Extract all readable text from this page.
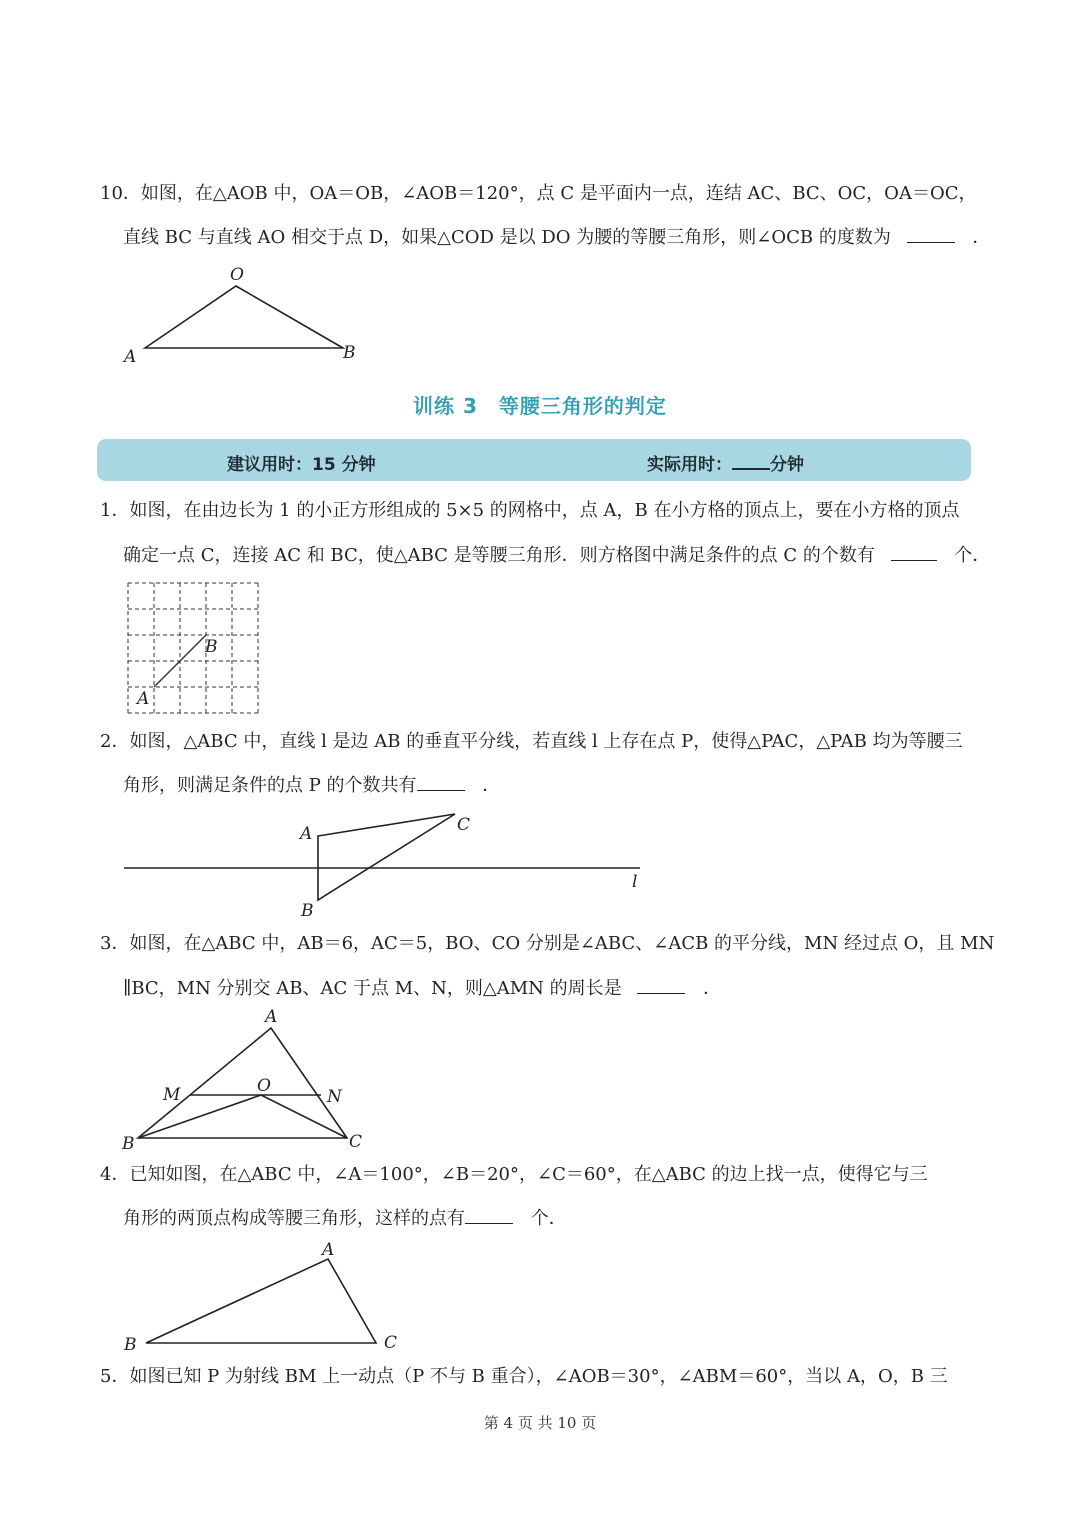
10．如图，在△AOB 中，OA＝OB，∠AOB＝120°，点 C 是平面内一点，连结 AC、BC、OC，OA＝OC，
直线 BC 与直线 AO 相交于点 D，如果△COD 是以 DO 为腰的等腰三角形，则∠OCB 的度数为	．
O
A	B
训练 3　等腰三角形的判定
建议用时：15 分钟	实际用时： 分钟
1．如图，在由边长为 1 的小正方形组成的 5×5 的网格中，点 A，B 在小方格的顶点上，要在小方格的顶点
确定一点 C，连接 AC 和 BC，使△ABC 是等腰三角形．则方格图中满足条件的点 C 的个数有	个．
A
B
2．如图，△ABC 中，直线 l 是边 AB 的垂直平分线，若直线 l 上存在点 P，使得△PAC，△PAB 均为等腰三
角形，则满足条件的点 P 的个数共有	．
A	C
B
l
3．如图，在△ABC 中，AB＝6，AC＝5，BO、CO 分别是∠ABC、∠ACB 的平分线，MN 经过点 O，且 MN
∥BC，MN 分别交 AB、AC 于点 M、N，则△AMN 的周长是	．
A
M	O
N
B	C
4．已知如图，在△ABC 中，∠A＝100°，∠B＝20°，∠C＝60°，在△ABC 的边上找一点，使得它与三
角形的两顶点构成等腰三角形，这样的点有	个．
A
B	C
5．如图已知 P 为射线 BM 上一动点（P 不与 B 重合），∠AOB＝30°，∠ABM＝60°，当以 A，O，B 三
第 4 页 共 10 页
